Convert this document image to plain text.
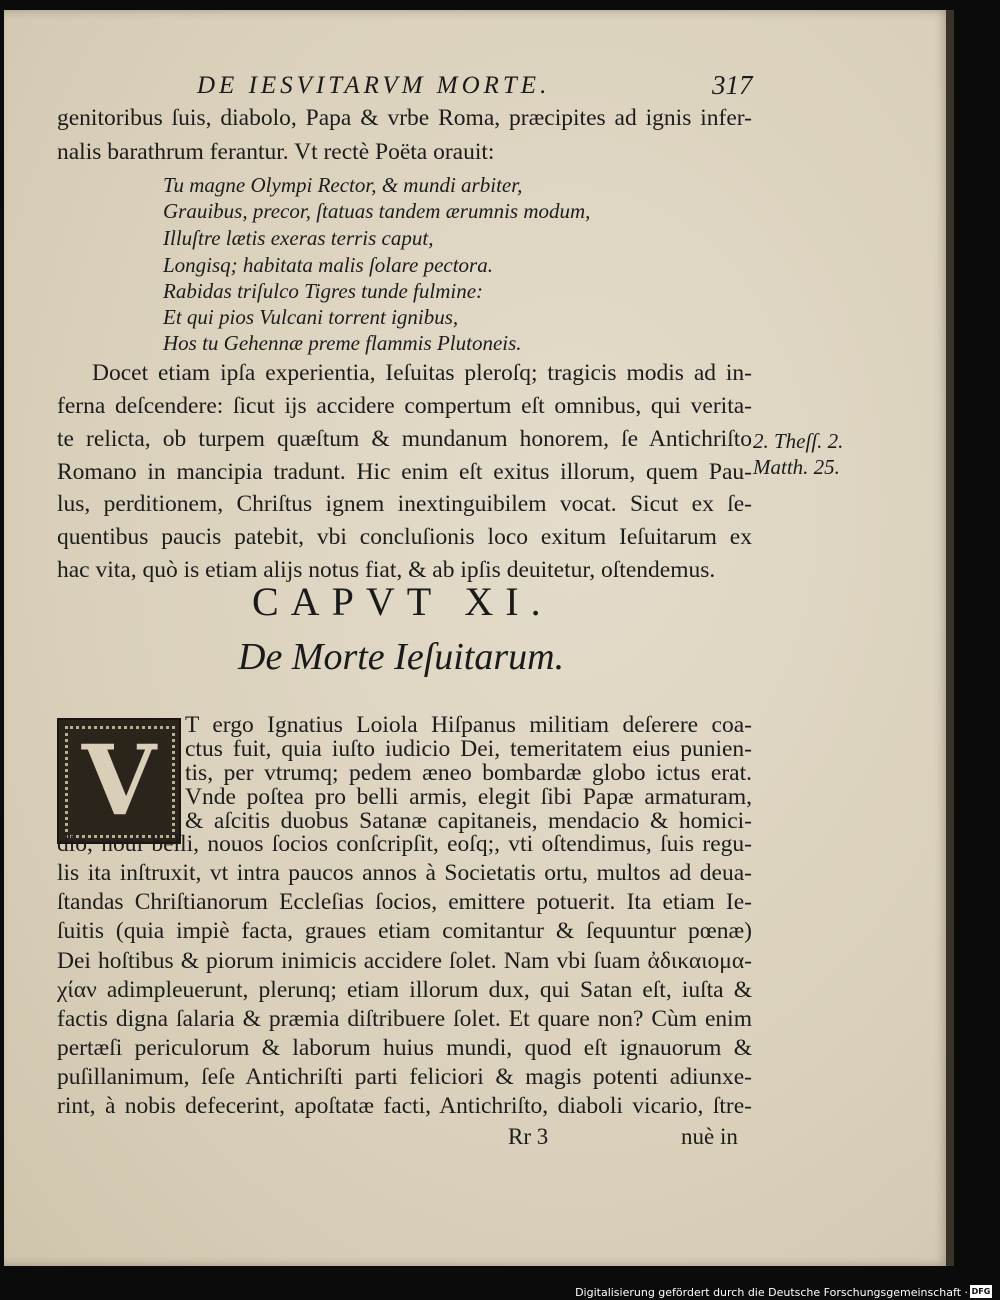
DE IESVITARVM MORTE.	317
genitoribus ſuis, diabolo, Papa & vrbe Roma, præcipites ad ignis infer-
nalis barathrum ferantur. Vt rectè Poëta orauit:
Tu magne Olympi Rector, & mundi arbiter,
Grauibus, precor, ſtatuas tandem ærumnis modum,
Illuſtre lætis exeras terris caput,
Longisq; habitata malis ſolare pectora.
Rabidas triſulco Tigres tunde fulmine:
Et qui pios Vulcani torrent ignibus,
Hos tu Gehennæ preme flammis Plutoneis.
Docet etiam ipſa experientia, Ieſuitas pleroſq; tragicis modis ad in-
ferna deſcendere: ſicut ijs accidere compertum eſt omnibus, qui verita-
te relicta, ob turpem quæſtum & mundanum honorem, ſe Antichriſto
Romano in mancipia tradunt. Hic enim eſt exitus illorum, quem Pau-
lus, perditionem, Chriſtus ignem inextinguibilem vocat. Sicut ex ſe-
quentibus paucis patebit, vbi concluſionis loco exitum Ieſuitarum ex
hac vita, quò is etiam alijs notus fiat, & ab ipſis deuitetur, oſtendemus.
2. Theſſ. 2.
Matth. 25.
CAPVT XI.
De Morte Ieſuitarum.
V	T ergo Ignatius Loiola Hiſpanus militiam deſerere coa-
ctus fuit, quia iuſto iudicio Dei, temeritatem eius punien-
tis, per vtrumq; pedem æneo bombardæ globo ictus erat.
Vnde poſtea pro belli armis, elegit ſibi Papæ armaturam,
& aſcitis duobus Satanæ capitaneis, mendacio & homici-
dio, noui belli, nouos ſocios conſcripſit, eoſq;, vti oſtendimus, ſuis regu-
lis ita inſtruxit, vt intra paucos annos à Societatis ortu, multos ad deua-
ſtandas Chriſtianorum Eccleſias ſocios, emittere potuerit. Ita etiam Ie-
ſuitis (quia impiè facta, graues etiam comitantur & ſequuntur pœnæ)
Dei hoſtibus & piorum inimicis accidere ſolet. Nam vbi ſuam ἀδικαιομα-
χίαν adimpleuerunt, plerunq; etiam illorum dux, qui Satan eſt, iuſta &
factis digna ſalaria & præmia diſtribuere ſolet. Et quare non? Cùm enim
pertæſi periculorum & laborum huius mundi, quod eſt ignauorum &
puſillanimum, ſeſe Antichriſti parti feliciori & magis potenti adiunxe-
rint, à nobis defecerint, apoſtatæ facti, Antichriſto, diaboli vicario, ſtre-
Rr 3	nuè in
Digitalisierung gefördert durch die Deutsche Forschungsgemeinschaft · DFG
